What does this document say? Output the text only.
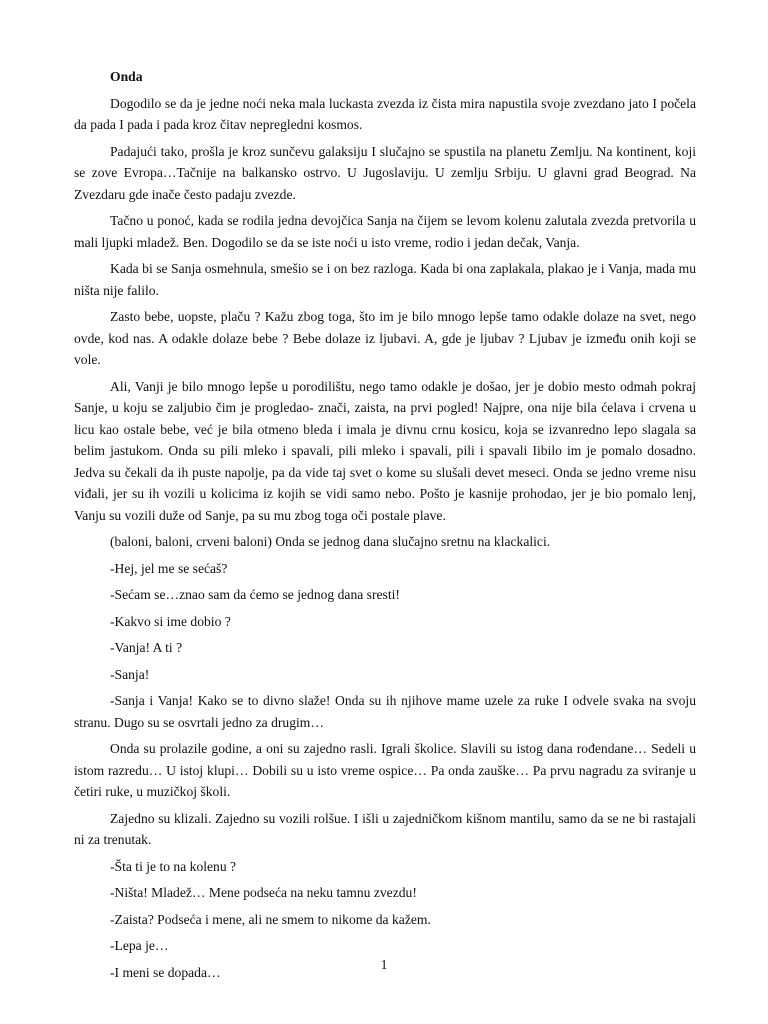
Onda

Dogodilo se da je jedne noći neka mala luckasta zvezda iz čista mira napustila svoje zvezdano jato I počela da pada I pada i pada kroz čitav nepregledni kosmos.

Padajući tako, prošla je kroz sunčevu galaksiju I slučajno se spustila na planetu Zemlju. Na kontinent, koji se zove Evropa…Tačnije na balkansko ostrvo. U Jugoslaviju. U zemlju Srbiju. U glavni grad Beograd. Na Zvezdaru gde inače često padaju zvezde.

Tačno u ponoć, kada se rodila jedna devojčica Sanja na čijem se levom kolenu zalutala zvezda pretvorila u mali ljupki mladež. Ben. Dogodilo se da se iste noći u isto vreme, rodio i jedan dečak, Vanja.

Kada bi se Sanja osmehnula, smešio se i on bez razloga. Kada bi ona zaplakala, plakao je i Vanja, mada mu ništa nije falilo.

Zasto bebe, uopste, plaču ? Kažu zbog toga, što im je bilo mnogo lepše tamo odakle dolaze na svet, nego ovde, kod nas. A odakle dolaze bebe ? Bebe dolaze iz ljubavi. A, gde je ljubav ? Ljubav je između onih koji se vole.

Ali, Vanji je bilo mnogo lepše u porodilištu, nego tamo odakle je došao, jer je dobio mesto odmah pokraj Sanje, u koju se zaljubio čim je progledao- znači, zaista, na prvi pogled! Najpre, ona nije bila ćelava i crvena u licu kao ostale bebe, već je bila otmeno bleda i imala je divnu crnu kosicu, koja se izvanredno lepo slagala sa belim jastukom. Onda su pili mleko i spavali, pili mleko i spavali, pili i spavali Iibilo im je pomalo dosadno. Jedva su čekali da ih puste napolje, pa da vide taj svet o kome su slušali devet meseci. Onda se jedno vreme nisu viđali, jer su ih vozili u kolicima iz kojih se vidi samo nebo. Pošto je kasnije prohodao, jer je bio pomalo lenj, Vanju su vozili duže od Sanje, pa su mu zbog toga oči postale plave.

(baloni, baloni, crveni baloni) Onda se jednog dana slučajno sretnu na klackalici.

-Hej, jel me se sećaš?

-Sećam se…znao sam da ćemo se jednog dana sresti!

-Kakvo si ime dobio ?

-Vanja! A ti ?

-Sanja!

-Sanja i Vanja! Kako se to divno slaže! Onda su ih njihove mame uzele za ruke I odvele svaka na svoju stranu. Dugo su se osvrtali jedno za drugim…

Onda su prolazile godine, a oni su zajedno rasli. Igrali školice. Slavili su istog dana rođendane… Sedeli u istom razredu… U istoj klupi… Dobili su u isto vreme ospice… Pa onda zauške… Pa prvu nagradu za sviranje u četiri ruke, u muzičkoj školi.

Zajedno su klizali. Zajedno su vozili rolšue. I išli u zajedničkom kišnom mantilu, samo da se ne bi rastajali ni za trenutak.

-Šta ti je to na kolenu ?

-Ništa! Mladež… Mene podseća na neku tamnu zvezdu!

-Zaista? Podseća i mene, ali ne smem to nikome da kažem.

-Lepa je…

-I meni se dopada…	1
